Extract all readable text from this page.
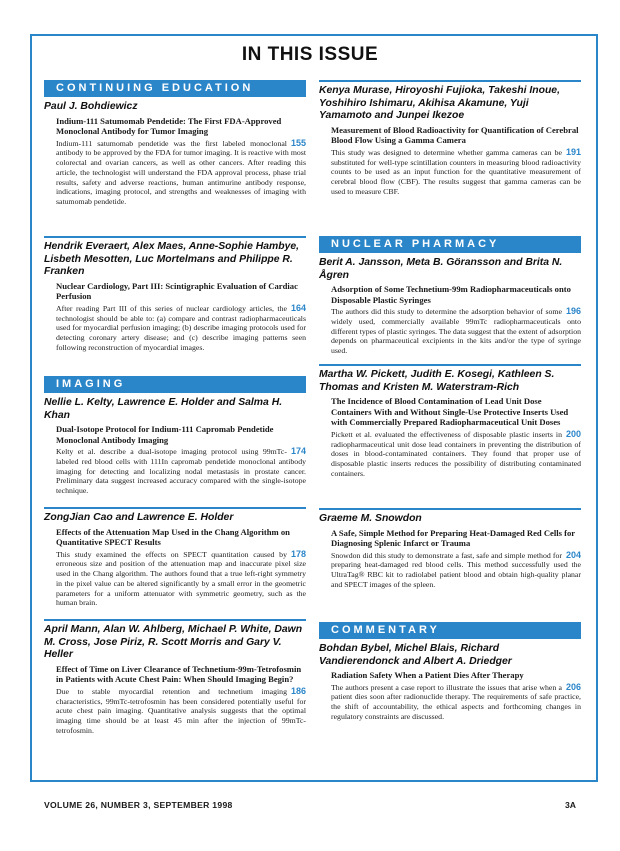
IN THIS ISSUE
CONTINUING EDUCATION
Paul J. Bohdiewicz
Indium-111 Satumomab Pendetide: The First FDA-Approved Monoclonal Antibody for Tumor Imaging
155
Indium-111 satumomab pendetide was the first labeled monoclonal antibody to be approved by the FDA for tumor imaging. It is reactive with most colorectal and ovarian cancers, as well as other cancers. After reading this article, the technologist will understand the FDA approval process, phase trial results, safety and adverse reactions, human antimurine antibody response, indications, imaging protocol, and strengths and weaknesses of imaging with satumomab pendetide.
Hendrik Everaert, Alex Maes, Anne-Sophie Hambye, Lisbeth Mesotten, Luc Mortelmans and Philippe R. Franken
Nuclear Cardiology, Part III: Scintigraphic Evaluation of Cardiac Perfusion
164
After reading Part III of this series of nuclear cardiology articles, the technologist should be able to: (a) compare and contrast radiopharmaceuticals used for myocardial perfusion imaging; (b) describe imaging protocols used for detecting coronary artery disease; and (c) describe imaging patterns seen following reconstruction of myocardial images.
IMAGING
Nellie L. Kelty, Lawrence E. Holder and Salma H. Khan
Dual-Isotope Protocol for Indium-111 Capromab Pendetide Monoclonal Antibody Imaging
174
Kelty et al. describe a dual-isotope imaging protocol using 99mTc-labeled red blood cells with 111In capromab pendetide monoclonal antibody imaging for detecting and localizing nodal metastasis in prostate cancer. Preliminary data suggest increased accuracy compared with the single-isotope technique.
ZongJian Cao and Lawrence E. Holder
Effects of the Attenuation Map Used in the Chang Algorithm on Quantitative SPECT Results
178
This study examined the effects on SPECT quantitation caused by erroneous size and position of the attenuation map and inaccurate pixel size used in the Chang algorithm. The authors found that a true left-right symmetry in the pixel value can be altered significantly by a small error in the geometric parameters for a uniform attenuator with symmetric geometry, such as the human brain.
April Mann, Alan W. Ahlberg, Michael P. White, Dawn M. Cross, Jose Piriz, R. Scott Morris and Gary V. Heller
Effect of Time on Liver Clearance of Technetium-99m-Tetrofosmin in Patients with Acute Chest Pain: When Should Imaging Begin?
186
Due to stable myocardial retention and technetium imaging characteristics, 99mTc-tetrofosmin has been considered potentially useful for acute chest pain imaging. Quantitative analysis suggests that the optimal imaging time should be at least 45 min after the injection of 99mTc-tetrofosmin.
Kenya Murase, Hiroyoshi Fujioka, Takeshi Inoue, Yoshihiro Ishimaru, Akihisa Akamune, Yuji Yamamoto and Junpei Ikezoe
Measurement of Blood Radioactivity for Quantification of Cerebral Blood Flow Using a Gamma Camera
191
This study was designed to determine whether gamma cameras can be substituted for well-type scintillation counters in measuring blood radioactivity counts to be used as an input function for the quantitative measurement of cerebral blood flow (CBF). The results suggest that gamma cameras can be used to measure CBF.
NUCLEAR PHARMACY
Berit A. Jansson, Meta B. Göransson and Brita N. Ågren
Adsorption of Some Technetium-99m Radiopharmaceuticals onto Disposable Plastic Syringes
196
The authors did this study to determine the adsorption behavior of some widely used, commercially available 99mTc radiopharmaceuticals onto different types of plastic syringes. The data suggest that the extent of adsorption depends on pharmaceutical excipients in the kits and/or the type of syringe used.
Martha W. Pickett, Judith E. Kosegi, Kathleen S. Thomas and Kristen M. Waterstram-Rich
The Incidence of Blood Contamination of Lead Unit Dose Containers With and Without Single-Use Protective Inserts Used with Commercially Prepared Radiopharmaceutical Unit Doses
200
Pickett et al. evaluated the effectiveness of disposable plastic inserts in radiopharmaceutical unit dose lead containers in preventing the distribution of doses in blood-contaminated containers. They found that proper use of disposable plastic inserts reduces the possibility of distributing contaminated containers.
Graeme M. Snowdon
A Safe, Simple Method for Preparing Heat-Damaged Red Cells for Diagnosing Splenic Infarct or Trauma
204
Snowdon did this study to demonstrate a fast, safe and simple method for preparing heat-damaged red blood cells. This method successfully used the UltraTag® RBC kit to radiolabel patient blood and obtain high-quality planar and SPECT images of the spleen.
COMMENTARY
Bohdan Bybel, Michel Blais, Richard Vandierendonck and Albert A. Driedger
Radiation Safety When a Patient Dies After Therapy
206
The authors present a case report to illustrate the issues that arise when a patient dies soon after radionuclide therapy. The requirements of safe practice, the shift of accountability, the ethical aspects and forthcoming changes in regulatory constraints are discussed.
VOLUME 26, NUMBER 3, SEPTEMBER 1998	3A
